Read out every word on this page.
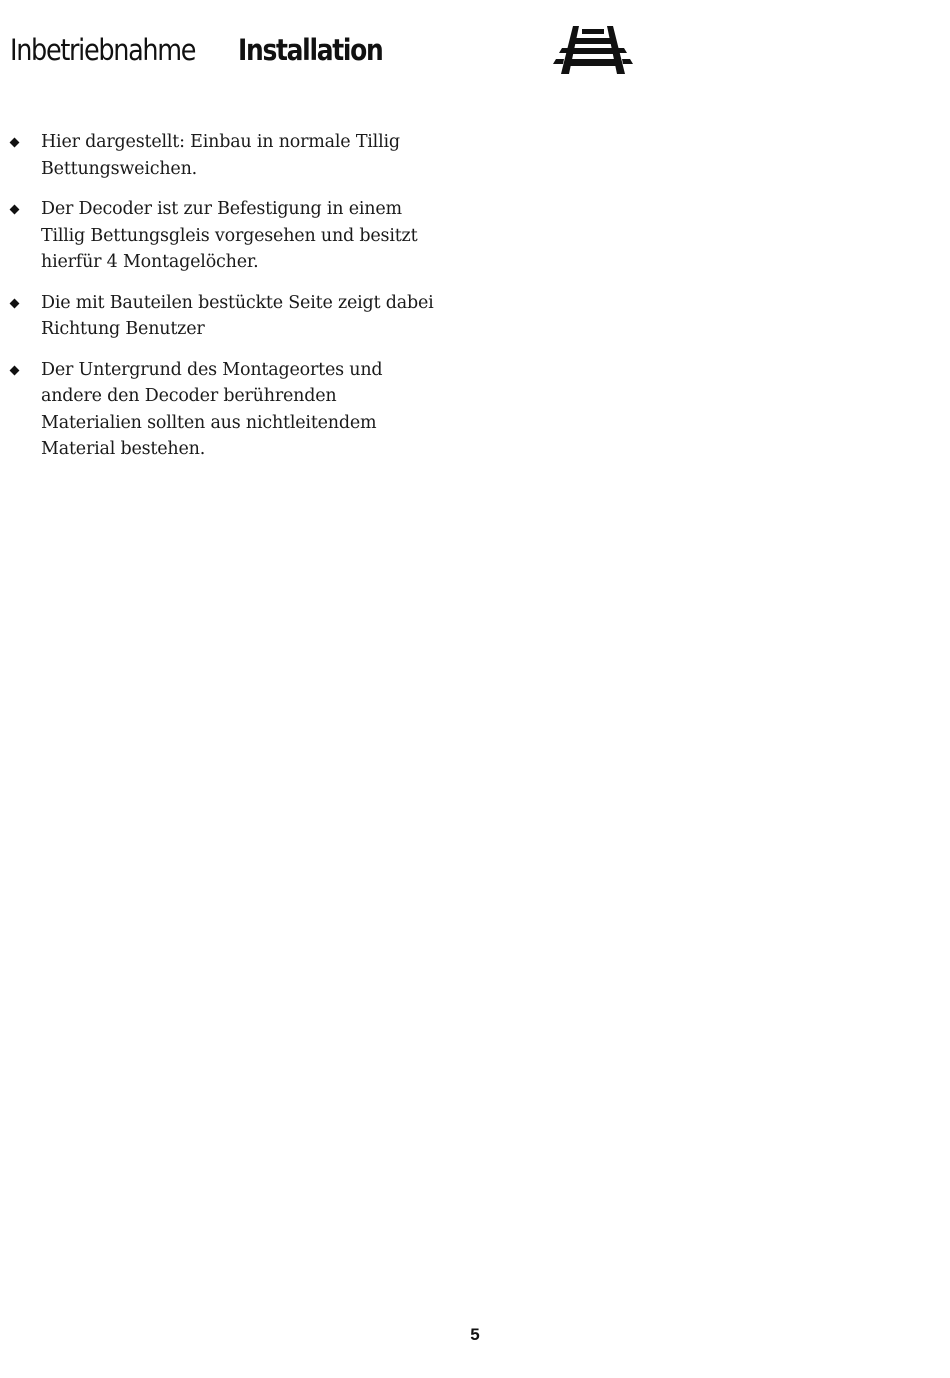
Inbetriebnahme Installation
Hier dargestellt: Einbau in normale Tillig Bettungsweichen.
Der Decoder ist zur Befestigung in einem Tillig Bettungsgleis vorgesehen und besitzt hierfür 4 Montagelöcher.
Die mit Bauteilen bestückte Seite zeigt dabei Richtung Benutzer
Der Untergrund des Montageortes und andere den Decoder berührenden Materialien sollten aus nichtleitendem Material bestehen.
5
